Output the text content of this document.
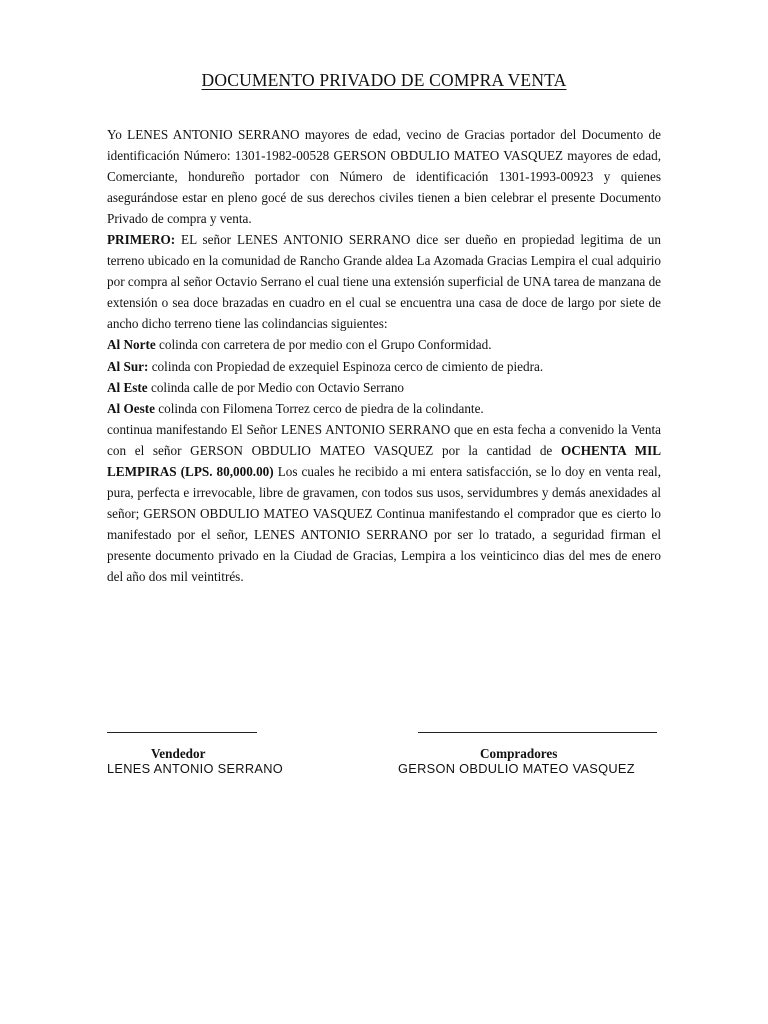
DOCUMENTO PRIVADO DE COMPRA VENTA

Yo LENES ANTONIO SERRANO mayores de edad, vecino de Gracias portador del Documento de identificación Número: 1301-1982-00528 GERSON OBDULIO MATEO VASQUEZ mayores de edad, Comerciante, hondureño portador con Número de identificación 1301-1993-00923 y quienes asegurándose estar en pleno gocé de sus derechos civiles tienen a bien celebrar el presente Documento Privado de compra y venta.

PRIMERO: EL señor LENES ANTONIO SERRANO dice ser dueño en propiedad legitima de un terreno ubicado en la comunidad de Rancho Grande aldea La Azomada Gracias Lempira el cual adquirio por compra al señor Octavio Serrano el cual tiene una extensión superficial de UNA tarea de manzana de extensión o sea doce brazadas en cuadro en el cual se encuentra una casa de doce de largo por siete de ancho dicho terreno tiene las colindancias siguientes:

Al Norte colinda con carretera de por medio con el Grupo Conformidad.

Al Sur: colinda con Propiedad de exzequiel Espinoza cerco de cimiento de piedra.

Al Este colinda calle de por Medio con Octavio Serrano

Al Oeste colinda con Filomena Torrez cerco de piedra de la colindante.

continua manifestando El Señor LENES ANTONIO SERRANO que en esta fecha a convenido la Venta con el señor GERSON OBDULIO MATEO VASQUEZ por la cantidad de OCHENTA MIL LEMPIRAS (LPS. 80,000.00) Los cuales he recibido a mi entera satisfacción, se lo doy en venta real, pura, perfecta e irrevocable, libre de gravamen, con todos sus usos, servidumbres y demás anexidades al señor; GERSON OBDULIO MATEO VASQUEZ Continua manifestando el comprador que es cierto lo manifestado por el señor, LENES ANTONIO SERRANO por ser lo tratado, a seguridad firman el presente documento privado en la Ciudad de Gracias, Lempira a los veinticinco dias del mes de enero del año dos mil veintitrés.

Vendedor
LENES ANTONIO SERRANO
Compradores
GERSON OBDULIO MATEO VASQUEZ
